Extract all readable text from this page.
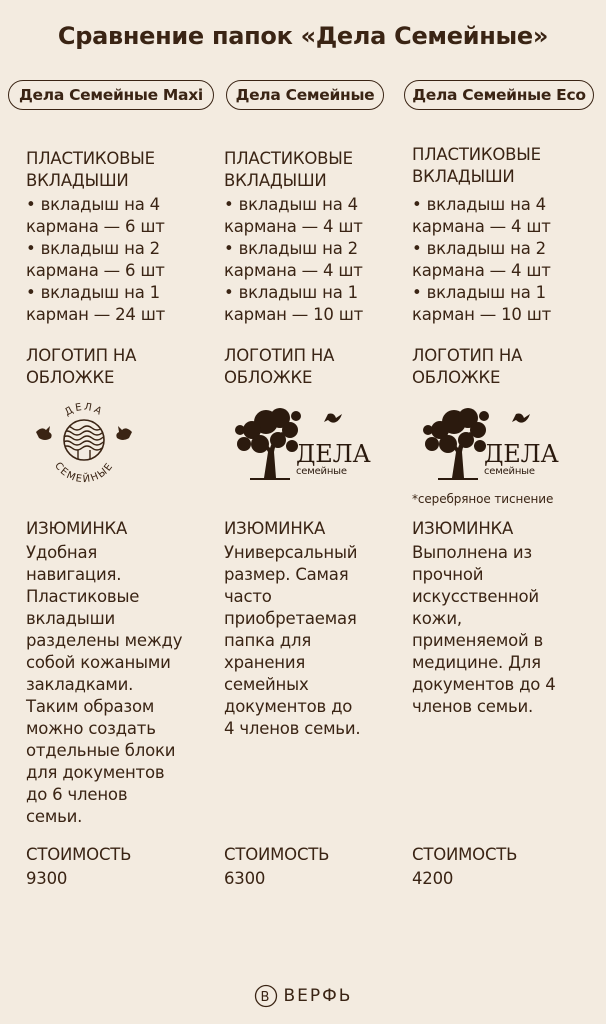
Сравнение папок «Дела Семейные»
Дела Семейные Maxi	Дела Семейные	Дела Семейные Eco
ПЛАСТИКОВЫЕ
ВКЛАДЫШИ
• вкладыш на 4
кармана — 6 шт
• вкладыш на 2
кармана — 6 шт
• вкладыш на 1
карман — 24 шт
ЛОГОТИП НА
ОБЛОЖКЕ
ДЕЛА
СЕМЕЙНЫЕ
ИЗЮМИНКА
Удобная
навигация.
Пластиковые
вкладыши
разделены между
собой кожаными
закладками.
Таким образом
можно создать
отдельные блоки
для документов
до 6 членов
семьи.
СТОИМОСТЬ
9300
ПЛАСТИКОВЫЕ
ВКЛАДЫШИ
• вкладыш на 4
кармана — 4 шт
• вкладыш на 2
кармана — 4 шт
• вкладыш на 1
карман — 10 шт
ЛОГОТИП НА
ОБЛОЖКЕ
ДЕЛА
семейные
ИЗЮМИНКА
Универсальный
размер. Самая
часто
приобретаемая
папка для
хранения
семейных
документов до
4 членов семьи.
СТОИМОСТЬ
6300
ПЛАСТИКОВЫЕ
ВКЛАДЫШИ
• вкладыш на 4
кармана — 4 шт
• вкладыш на 2
кармана — 4 шт
• вкладыш на 1
карман — 10 шт
ЛОГОТИП НА
ОБЛОЖКЕ
ДЕЛА
семейные
*серебряное тиснение
ИЗЮМИНКА
Выполнена из
прочной
искусственной
кожи,
применяемой в
медицине. Для
документов до 4
членов семьи.
СТОИМОСТЬ
4200
В ВЕРФЬ
